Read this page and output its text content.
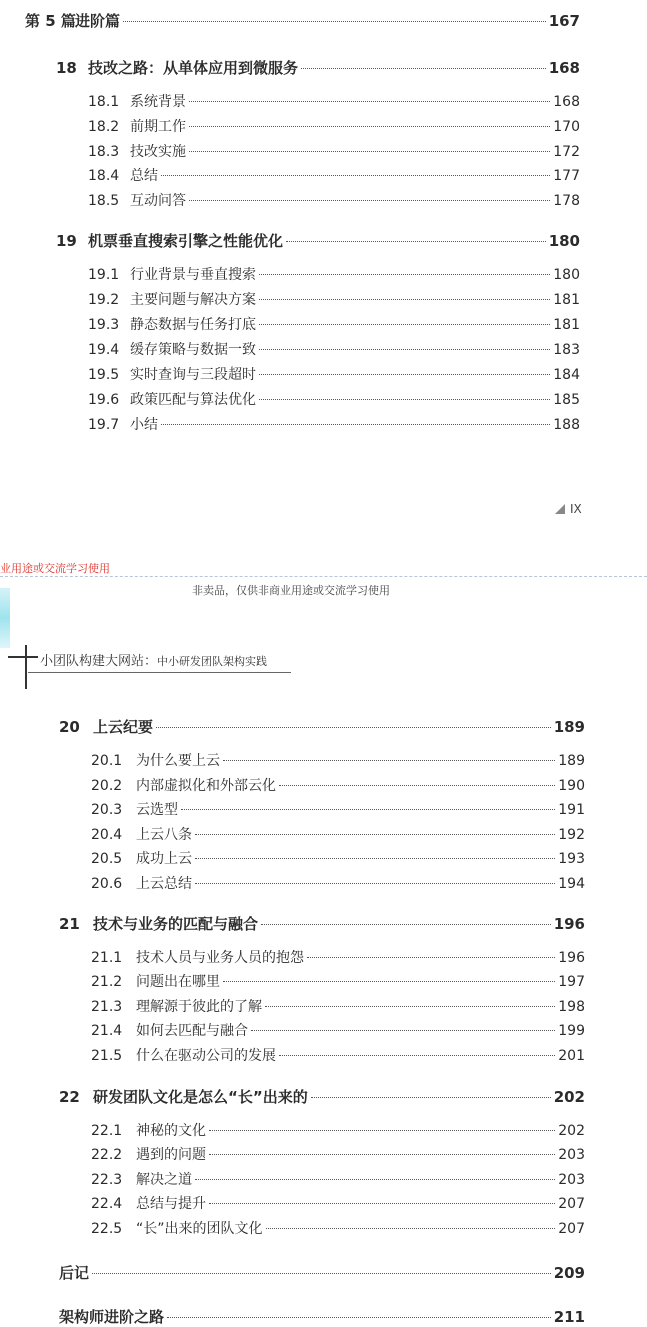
第 5 篇 进阶篇	167
18 技改之路：从单体应用到微服务	168
18.1 系统背景	168
18.2 前期工作	170
18.3 技改实施	172
18.4 总结	177
18.5 互动问答	178
19 机票垂直搜索引擎之性能优化	180
19.1 行业背景与垂直搜索	180
19.2 主要问题与解决方案	181
19.3 静态数据与任务打底	181
19.4 缓存策略与数据一致	183
19.5 实时查询与三段超时	184
19.6 政策匹配与算法优化	185
19.7 小结	188
IX
业用途或交流学习使用
非卖品，仅供非商业用途或交流学习使用
小团队构建大网站：中小研发团队架构实践
20 上云纪要	189
20.1 为什么要上云	189
20.2 内部虚拟化和外部云化	190
20.3 云选型	191
20.4 上云八条	192
20.5 成功上云	193
20.6 上云总结	194
21 技术与业务的匹配与融合	196
21.1 技术人员与业务人员的抱怨	196
21.2 问题出在哪里	197
21.3 理解源于彼此的了解	198
21.4 如何去匹配与融合	199
21.5 什么在驱动公司的发展	201
22 研发团队文化是怎么“长”出来的	202
22.1 神秘的文化	202
22.2 遇到的问题	203
22.3 解决之道	203
22.4 总结与提升	207
22.5 “长”出来的团队文化	207
后记	209
架构师进阶之路	211
